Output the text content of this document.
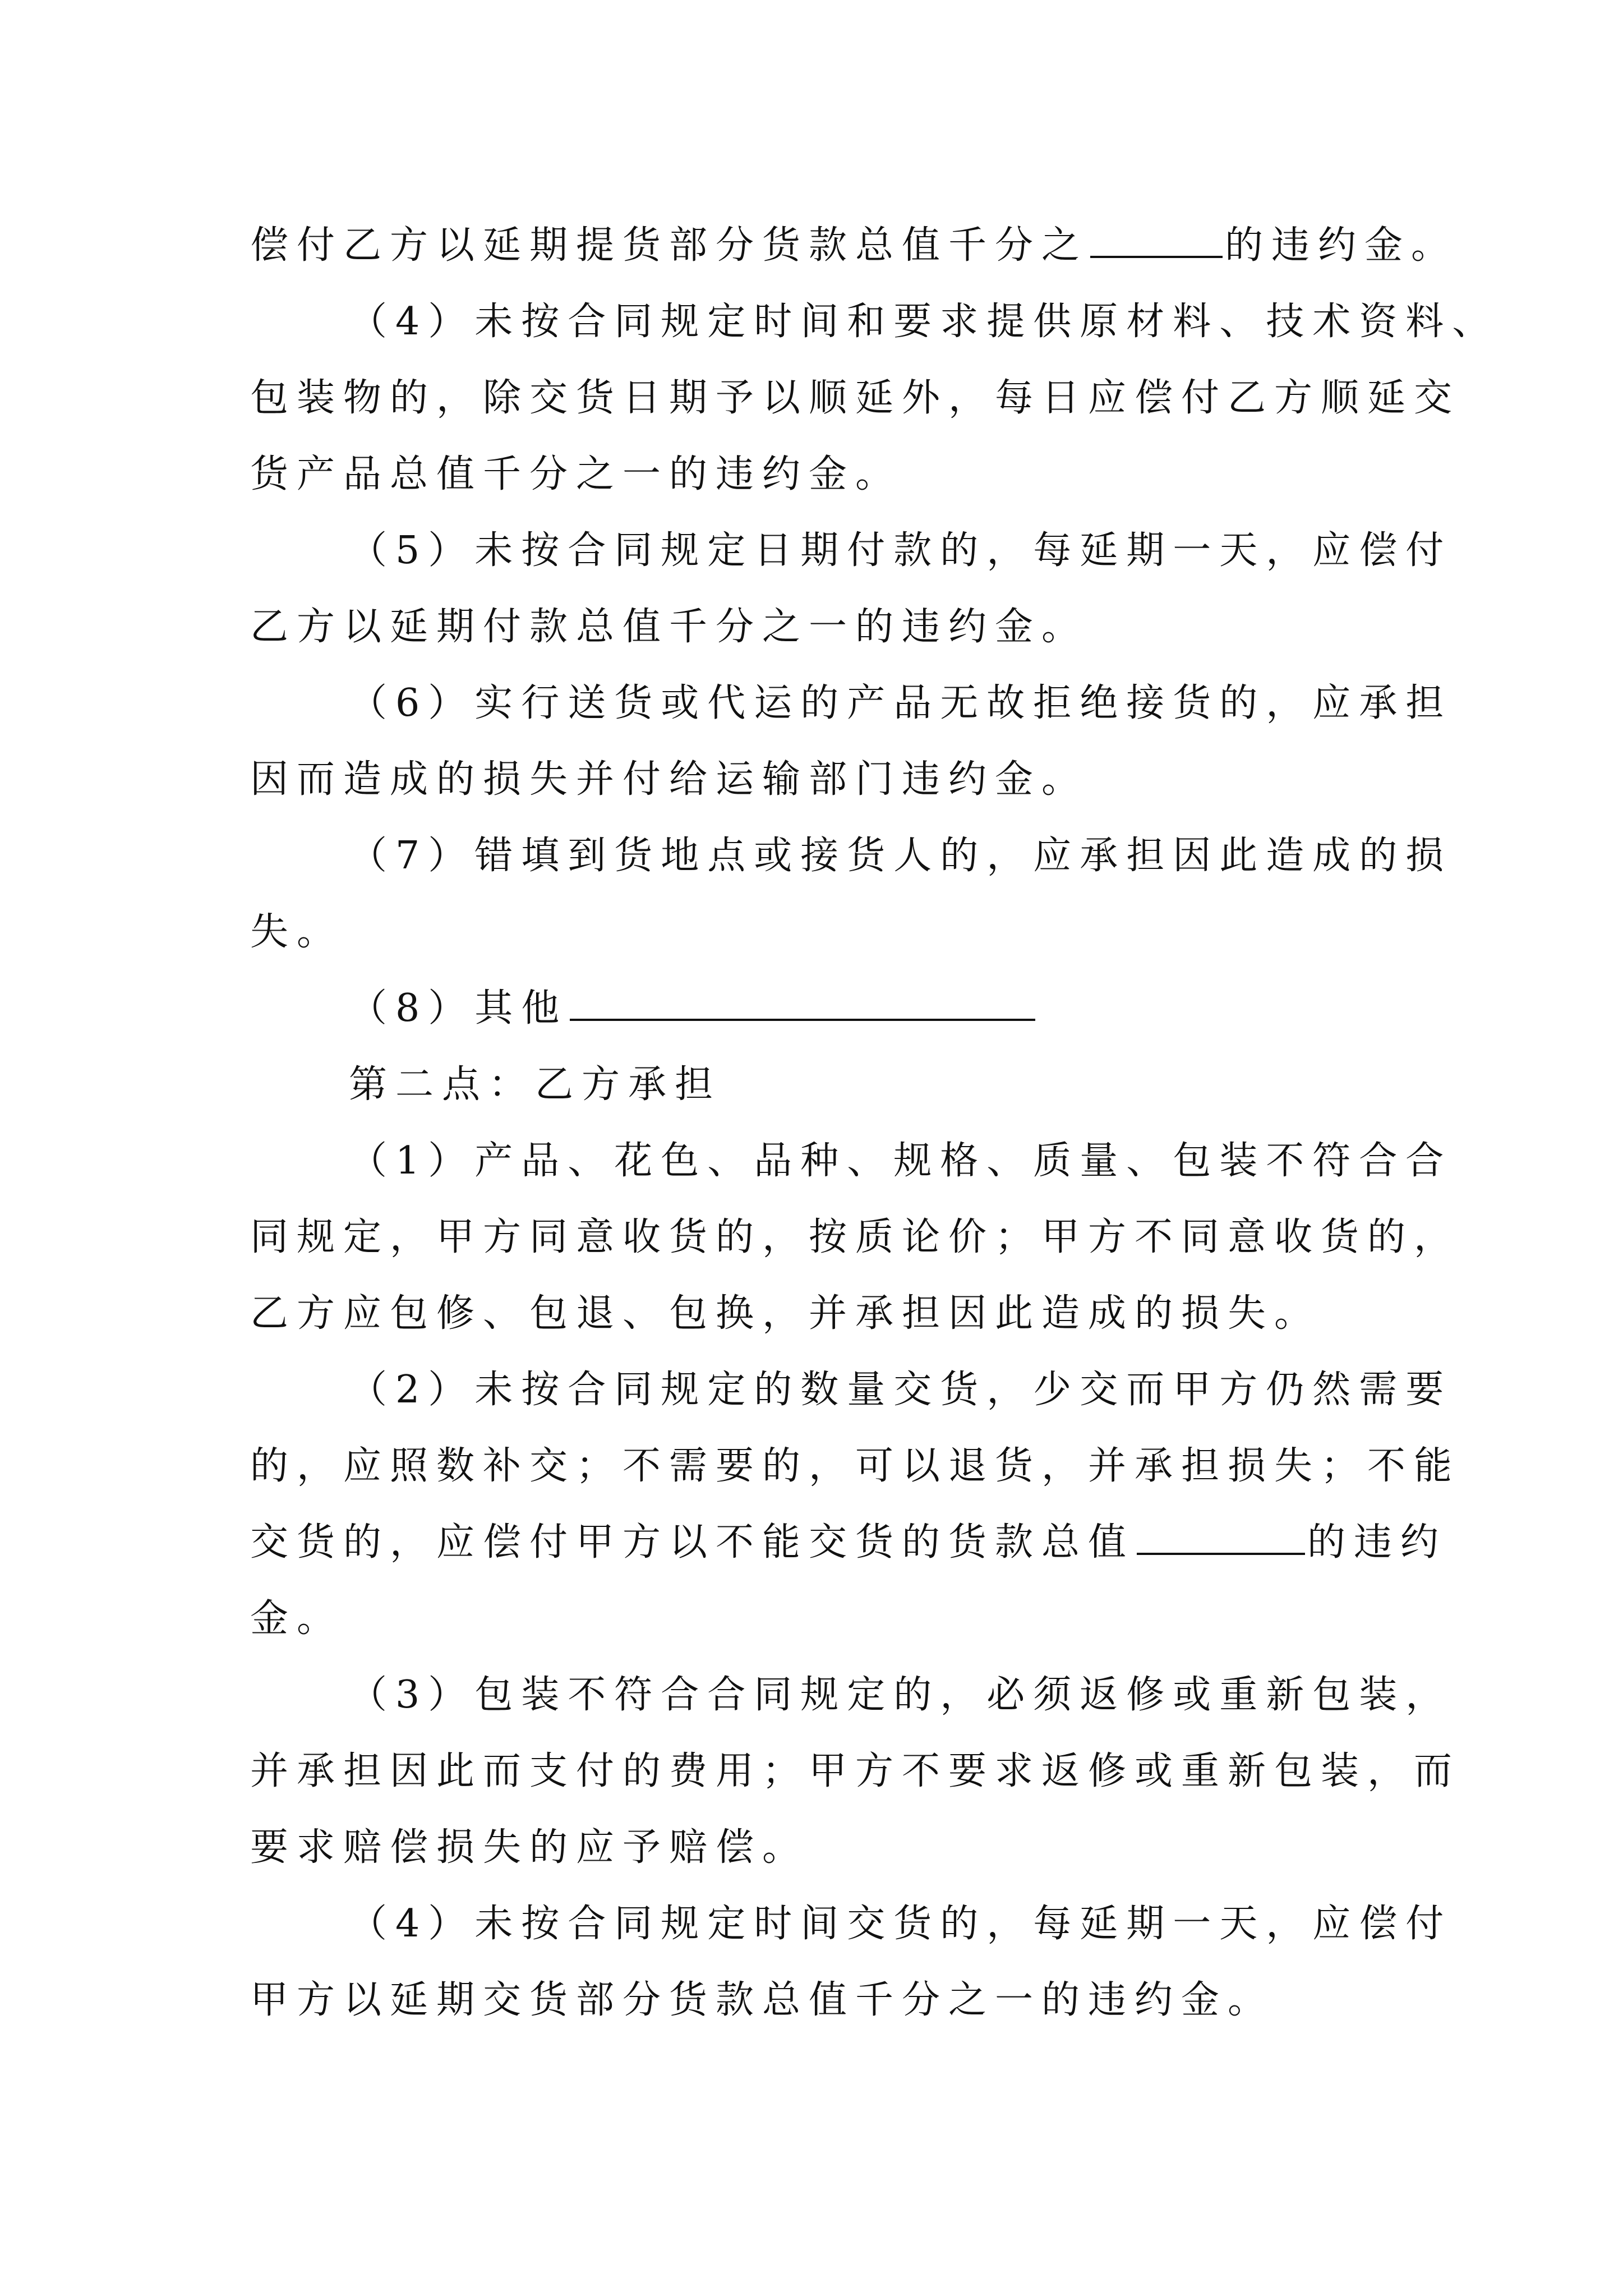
偿付乙方以延期提货部分货款总值千分之	的违约金。
（4）未按合同规定时间和要求提供原材料、技术资料、
包装物的，除交货日期予以顺延外，每日应偿付乙方顺延交
货产品总值千分之一的违约金。
（5）未按合同规定日期付款的，每延期一天，应偿付
乙方以延期付款总值千分之一的违约金。
（6）实行送货或代运的产品无故拒绝接货的，应承担
因而造成的损失并付给运输部门违约金。
（7）错填到货地点或接货人的，应承担因此造成的损
失。
（8）其他
第二点：乙方承担
（1）产品、花色、品种、规格、质量、包装不符合合
同规定，甲方同意收货的，按质论价；甲方不同意收货的，
乙方应包修、包退、包换，并承担因此造成的损失。
（2）未按合同规定的数量交货，少交而甲方仍然需要
的，应照数补交；不需要的，可以退货，并承担损失；不能
交货的，应偿付甲方以不能交货的货款总值	的违约
金。
（3）包装不符合合同规定的，必须返修或重新包装，
并承担因此而支付的费用；甲方不要求返修或重新包装，而
要求赔偿损失的应予赔偿。
（4）未按合同规定时间交货的，每延期一天，应偿付
甲方以延期交货部分货款总值千分之一的违约金。
